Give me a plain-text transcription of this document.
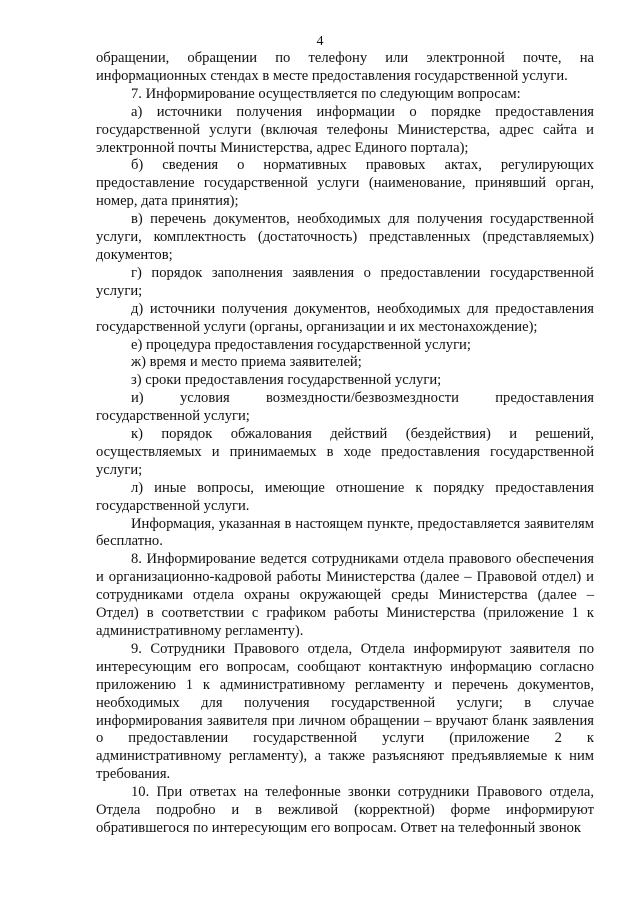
4

обращении, обращении по телефону или электронной почте, на информационных стендах в месте предоставления государственной услуги.

7. Информирование осуществляется по следующим вопросам:

а) источники получения информации о порядке предоставления государственной услуги (включая телефоны Министерства, адрес сайта и электронной почты Министерства, адрес Единого портала);

б) сведения о нормативных правовых актах, регулирующих предоставление государственной услуги (наименование, принявший орган, номер, дата принятия);

в) перечень документов, необходимых для получения государственной услуги, комплектность (достаточность) представленных (представляемых) документов;

г) порядок заполнения заявления о предоставлении государственной услуги;

д) источники получения документов, необходимых для предоставления государственной услуги (органы, организации и их местонахождение);

е) процедура предоставления государственной услуги;

ж) время и место приема заявителей;

з) сроки предоставления государственной услуги;

и) условия возмездности/безвозмездности предоставления государственной услуги;

к) порядок обжалования действий (бездействия) и решений, осуществляемых и принимаемых в ходе предоставления государственной услуги;

л) иные вопросы, имеющие отношение к порядку предоставления государственной услуги.

Информация, указанная в настоящем пункте, предоставляется заявителям бесплатно.

8. Информирование ведется сотрудниками отдела правового обеспечения и организационно-кадровой работы Министерства (далее – Правовой отдел) и сотрудниками отдела охраны окружающей среды Министерства (далее – Отдел) в соответствии с графиком работы Министерства (приложение 1 к административному регламенту).

9. Сотрудники Правового отдела, Отдела информируют заявителя по интересующим его вопросам, сообщают контактную информацию согласно приложению 1 к административному регламенту и перечень документов, необходимых для получения государственной услуги; в случае информирования заявителя при личном обращении – вручают бланк заявления о предоставлении государственной услуги (приложение 2 к административному регламенту), а также разъясняют предъявляемые к ним требования.

10. При ответах на телефонные звонки сотрудники Правового отдела, Отдела подробно и в вежливой (корректной) форме информируют обратившегося по интересующим его вопросам. Ответ на телефонный звонок
